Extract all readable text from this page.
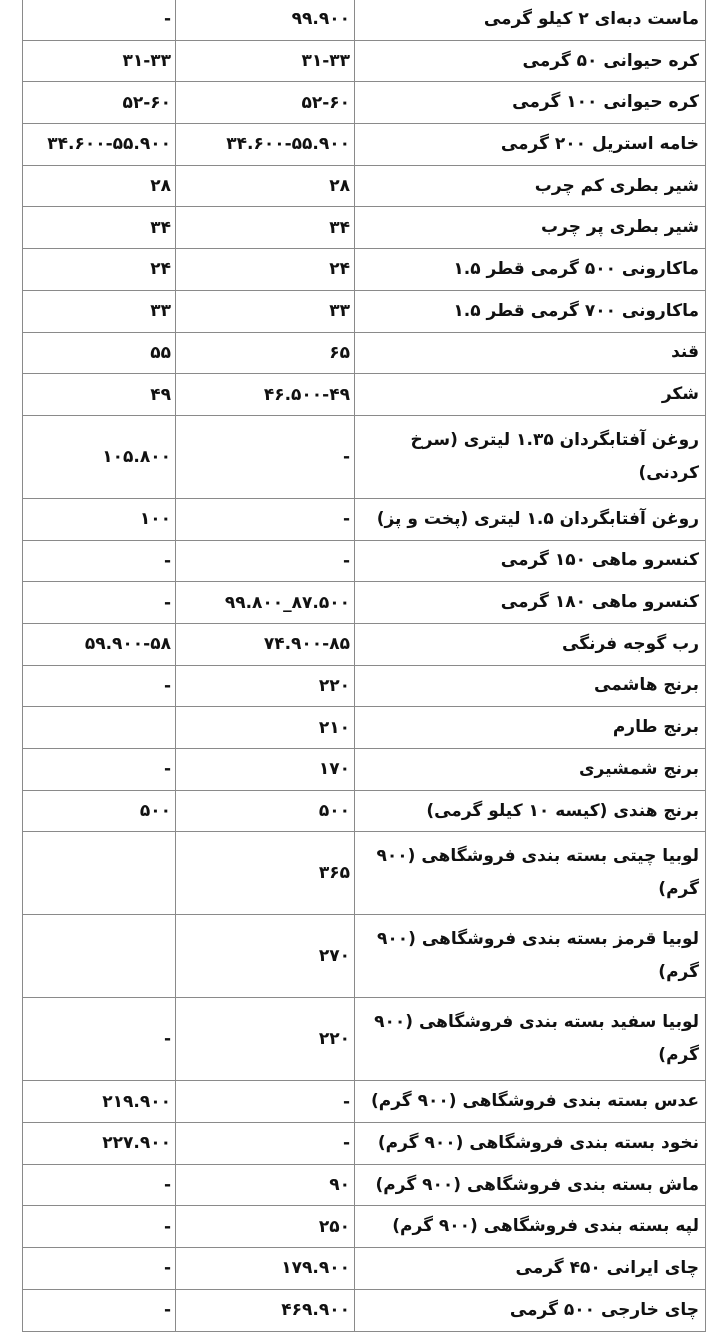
-	۹۹.۹۰۰	ماست دبه‌ای ۲ کیلو گرمی
۳۱-۳۳	۳۱-۳۳	کره حیوانی ۵۰ گرمی
۵۲-۶۰	۵۲-۶۰	کره حیوانی ۱۰۰ گرمی
۳۴.۶۰۰-۵۵.۹۰۰	۳۴.۶۰۰-۵۵.۹۰۰	خامه استریل ۲۰۰ گرمی
۲۸	۲۸	شیر بطری کم چرب
۳۴	۳۴	شیر بطری پر چرب
۲۴	۲۴	ماکارونی ۵۰۰ گرمی قطر ۱.۵
۳۳	۳۳	ماکارونی ۷۰۰ گرمی قطر ۱.۵
۵۵	۶۵	قند
۴۹	۴۶.۵۰۰-۴۹	شکر
۱۰۵.۸۰۰	-	روغن آفتابگردان ۱.۳۵ لیتری (سرخ کردنی)
۱۰۰	-	روغن آفتابگردان ۱.۵ لیتری (پخت و پز)
-	-	کنسرو ماهی ۱۵۰ گرمی
-	۹۹.۸۰۰_۸۷.۵۰۰	کنسرو ماهی ۱۸۰ گرمی
۵۹.۹۰۰-۵۸	۷۴.۹۰۰-۸۵	رب گوجه فرنگی
-	۲۲۰	برنج هاشمی
	۲۱۰	برنج طارم
-	۱۷۰	برنج شمشیری
۵۰۰	۵۰۰	برنج هندی (کیسه ۱۰ کیلو گرمی)
	۳۶۵	لوبیا چیتی بسته بندی فروشگاهی (۹۰۰ گرم)
	۲۷۰	لوبیا قرمز بسته بندی فروشگاهی (۹۰۰ گرم)
-	۲۲۰	لوبیا سفید بسته بندی فروشگاهی (۹۰۰ گرم)
۲۱۹.۹۰۰	-	عدس بسته بندی فروشگاهی (۹۰۰ گرم)
۲۲۷.۹۰۰	-	نخود بسته بندی فروشگاهی (۹۰۰ گرم)
-	۹۰	ماش بسته بندی فروشگاهی (۹۰۰ گرم)
-	۲۵۰	لپه بسته بندی فروشگاهی (۹۰۰ گرم)
-	۱۷۹.۹۰۰	چای ایرانی ۴۵۰ گرمی
-	۴۶۹.۹۰۰	چای خارجی ۵۰۰ گرمی
